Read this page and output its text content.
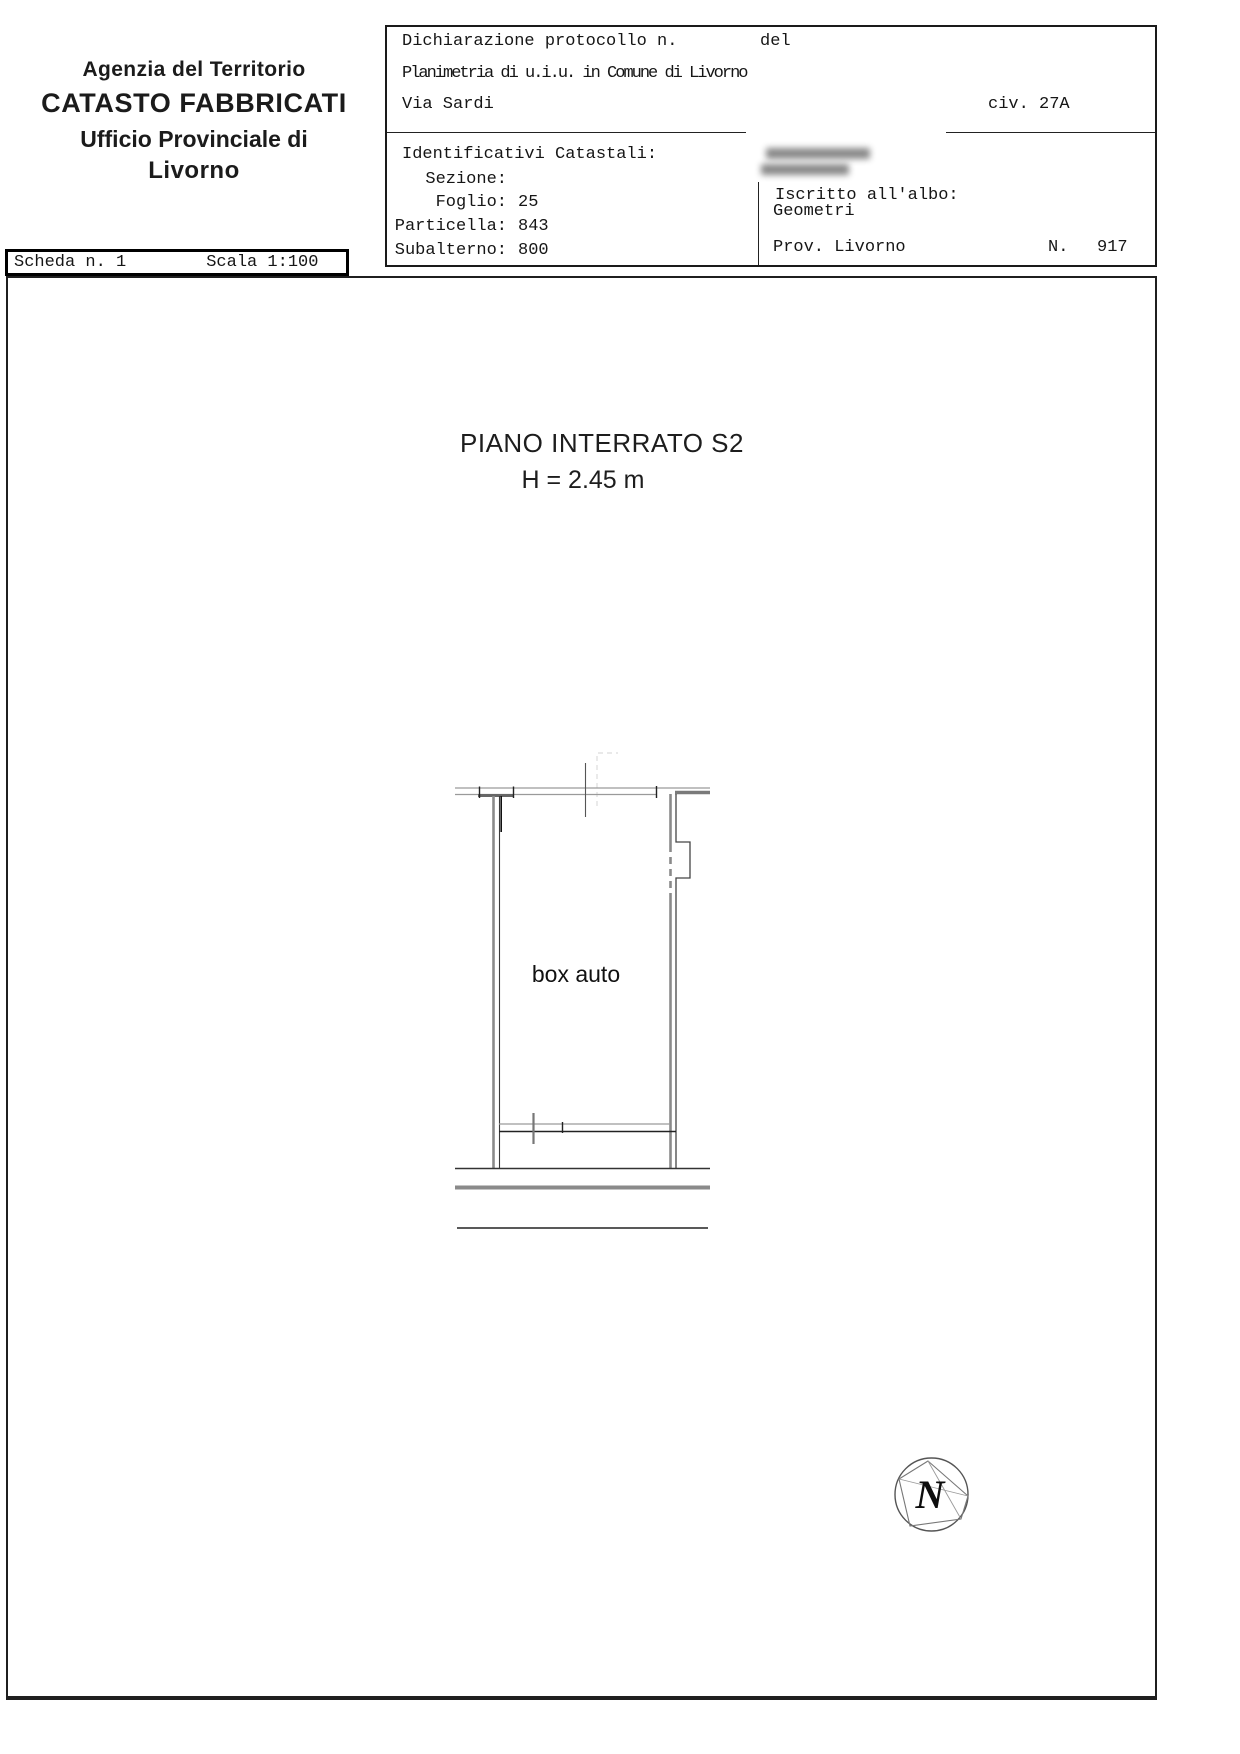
Agenzia del Territorio
CATASTO FABBRICATI
Ufficio Provinciale di
Livorno
Dichiarazione protocollo n.	del
Planimetria di u.i.u. in Comune di Livorno
Via Sardi	civ. 27A
Identificativi Catastali:
Sezione:
Foglio: 25
Particella: 843
Subalterno: 800
Iscritto all'albo:
Geometri
Prov. Livorno	N. 917
Scheda n. 1	Scala 1:100
PIANO INTERRATO S2
H = 2.45 m
box auto
N
